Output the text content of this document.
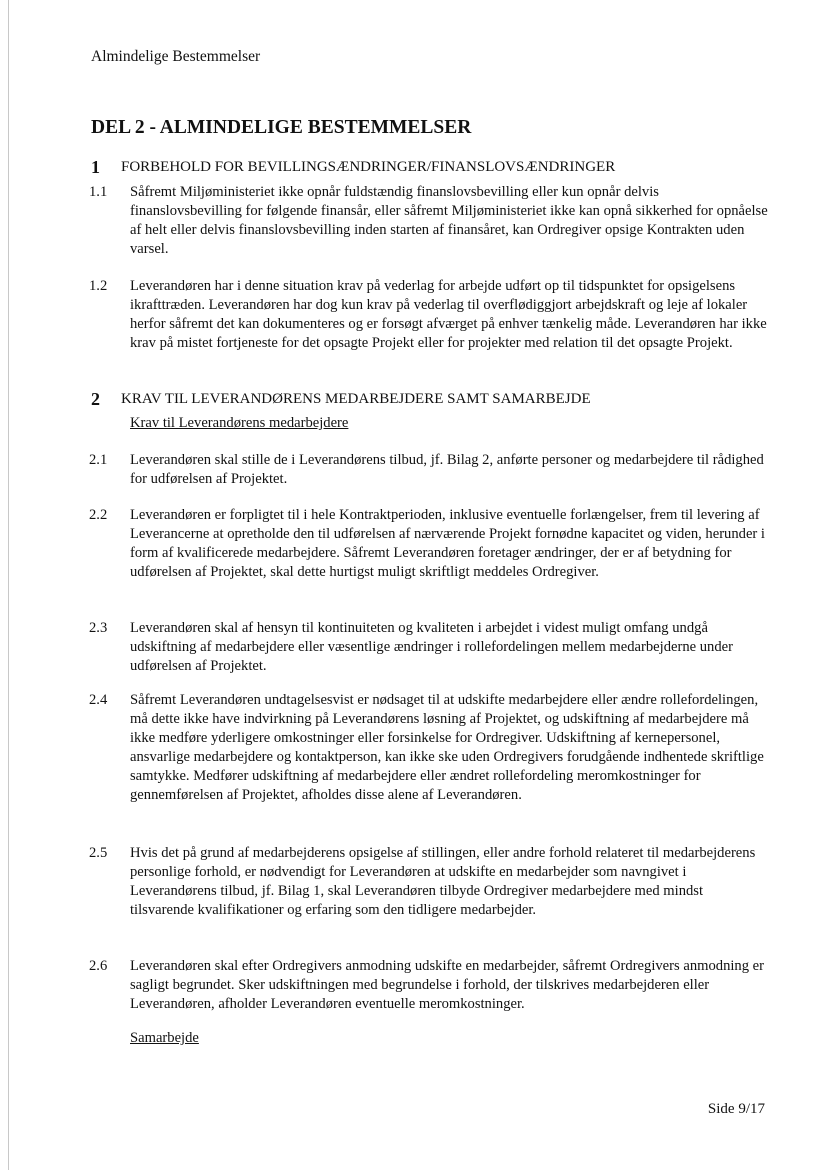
Almindelige Bestemmelser
DEL 2 - ALMINDELIGE BESTEMMELSER
1 FORBEHOLD FOR BEVILLINGSÆNDRINGER/FINANSLOVSÆNDRINGER
1.1 Såfremt Miljøministeriet ikke opnår fuldstændig finanslovsbevilling eller kun opnår delvis finanslovsbevilling for følgende finansår, eller såfremt Miljøministeriet ikke kan opnå sikkerhed for opnåelse af helt eller delvis finanslovsbevilling inden starten af finansåret, kan Ordregiver opsige Kontrakten uden varsel.
1.2 Leverandøren har i denne situation krav på vederlag for arbejde udført op til tidspunktet for opsigelsens ikrafttræden. Leverandøren har dog kun krav på vederlag til overflødiggjort arbejdskraft og leje af lokaler herfor såfremt det kan dokumenteres og er forsøgt afværget på enhver tænkelig måde. Leverandøren har ikke krav på mistet fortjeneste for det opsagte Projekt eller for projekter med relation til det opsagte Projekt.
2 KRAV TIL LEVERANDØRENS MEDARBEJDERE SAMT SAMARBEJDE
Krav til Leverandørens medarbejdere
2.1 Leverandøren skal stille de i Leverandørens tilbud, jf. Bilag 2, anførte personer og medarbejdere til rådighed for udførelsen af Projektet.
2.2 Leverandøren er forpligtet til i hele Kontraktperioden, inklusive eventuelle forlængelser, frem til levering af Leverancerne at opretholde den til udførelsen af nærværende Projekt fornødne kapacitet og viden, herunder i form af kvalificerede medarbejdere. Såfremt Leverandøren foretager ændringer, der er af betydning for udførelsen af Projektet, skal dette hurtigst muligt skriftligt meddeles Ordregiver.
2.3 Leverandøren skal af hensyn til kontinuiteten og kvaliteten i arbejdet i videst muligt omfang undgå udskiftning af medarbejdere eller væsentlige ændringer i rollefordelingen mellem medarbejderne under udførelsen af Projektet.
2.4 Såfremt Leverandøren undtagelsesvist er nødsaget til at udskifte medarbejdere eller ændre rollefordelingen, må dette ikke have indvirkning på Leverandørens løsning af Projektet, og udskiftning af medarbejdere må ikke medføre yderligere omkostninger eller forsinkelse for Ordregiver. Udskiftning af kernepersonel, ansvarlige medarbejdere og kontaktperson, kan ikke ske uden Ordregivers forudgående indhentede skriftlige samtykke. Medfører udskiftning af medarbejdere eller ændret rollefordeling meromkostninger for gennemførelsen af Projektet, afholdes disse alene af Leverandøren.
2.5 Hvis det på grund af medarbejderens opsigelse af stillingen, eller andre forhold relateret til medarbejderens personlige forhold, er nødvendigt for Leverandøren at udskifte en medarbejder som navngivet i Leverandørens tilbud, jf. Bilag 1, skal Leverandøren tilbyde Ordregiver medarbejdere med mindst tilsvarende kvalifikationer og erfaring som den tidligere medarbejder.
2.6 Leverandøren skal efter Ordregivers anmodning udskifte en medarbejder, såfremt Ordregivers anmodning er sagligt begrundet. Sker udskiftningen med begrundelse i forhold, der tilskrives medarbejderen eller Leverandøren, afholder Leverandøren eventuelle meromkostninger.
Samarbejde
Side 9/17
